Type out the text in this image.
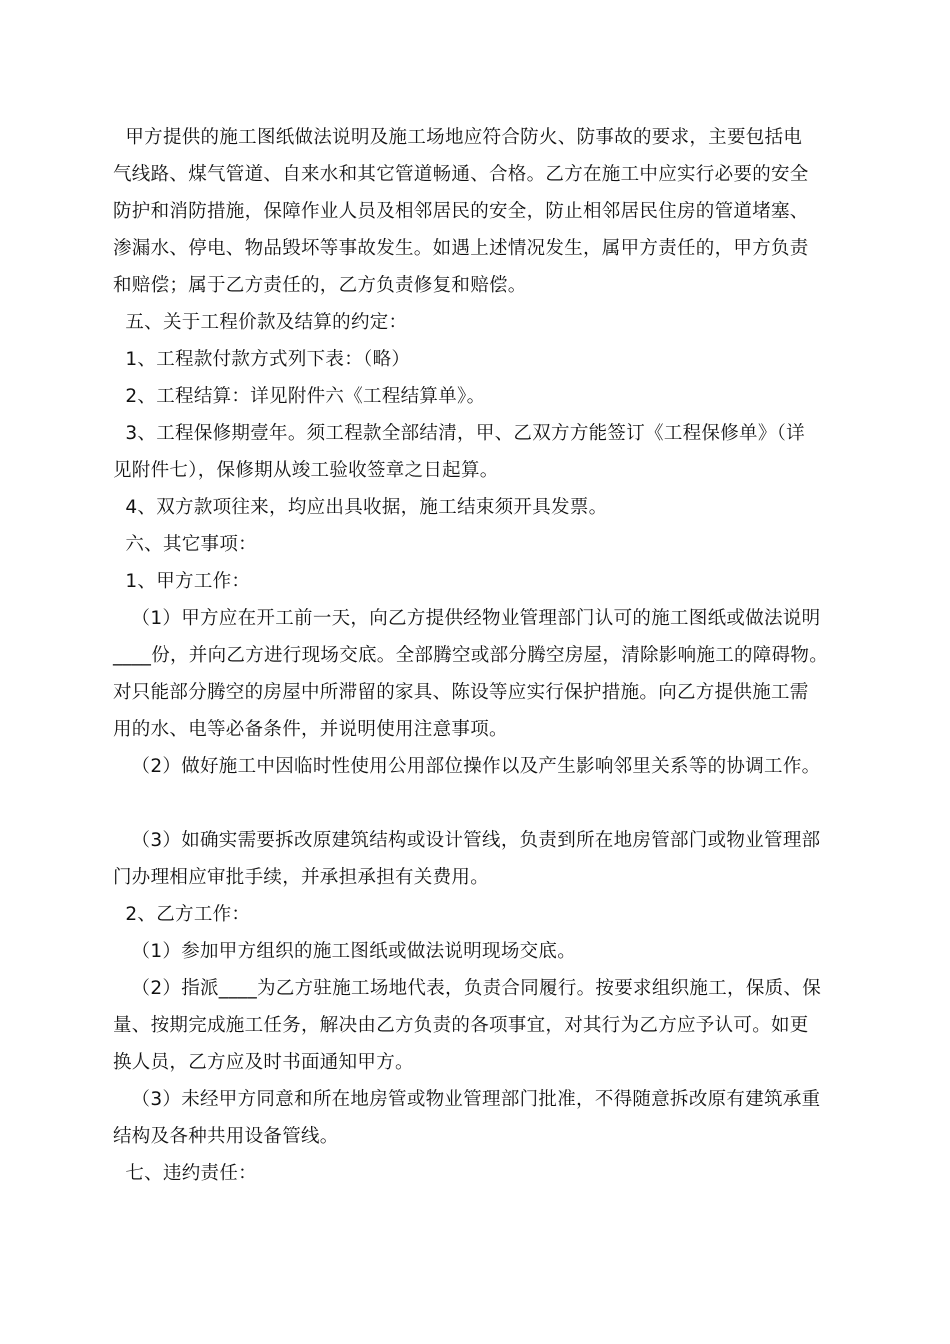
甲方提供的施工图纸做法说明及施工场地应符合防火、防事故的要求，主要包括电
气线路、煤气管道、自来水和其它管道畅通、合格。乙方在施工中应实行必要的安全
防护和消防措施，保障作业人员及相邻居民的安全，防止相邻居民住房的管道堵塞、
渗漏水、停电、物品毁坏等事故发生。如遇上述情况发生，属甲方责任的，甲方负责
和赔偿；属于乙方责任的，乙方负责修复和赔偿。
五、关于工程价款及结算的约定：
1、工程款付款方式列下表：（略）
2、工程结算：详见附件六《工程结算单》。
3、工程保修期壹年。须工程款全部结清，甲、乙双方方能签订《工程保修单》（详
见附件七），保修期从竣工验收签章之日起算。
4、双方款项往来，均应出具收据，施工结束须开具发票。
六、其它事项：
1、甲方工作：
（1）甲方应在开工前一天，向乙方提供经物业管理部门认可的施工图纸或做法说明
____份，并向乙方进行现场交底。全部腾空或部分腾空房屋，清除影响施工的障碍物。
对只能部分腾空的房屋中所滞留的家具、陈设等应实行保护措施。向乙方提供施工需
用的水、电等必备条件，并说明使用注意事项。
（2）做好施工中因临时性使用公用部位操作以及产生影响邻里关系等的协调工作。
（3）如确实需要拆改原建筑结构或设计管线，负责到所在地房管部门或物业管理部
门办理相应审批手续，并承担承担有关费用。
2、乙方工作：
（1）参加甲方组织的施工图纸或做法说明现场交底。
（2）指派____为乙方驻施工场地代表，负责合同履行。按要求组织施工，保质、保
量、按期完成施工任务，解决由乙方负责的各项事宜，对其行为乙方应予认可。如更
换人员，乙方应及时书面通知甲方。
（3）未经甲方同意和所在地房管或物业管理部门批准，不得随意拆改原有建筑承重
结构及各种共用设备管线。
七、违约责任：
